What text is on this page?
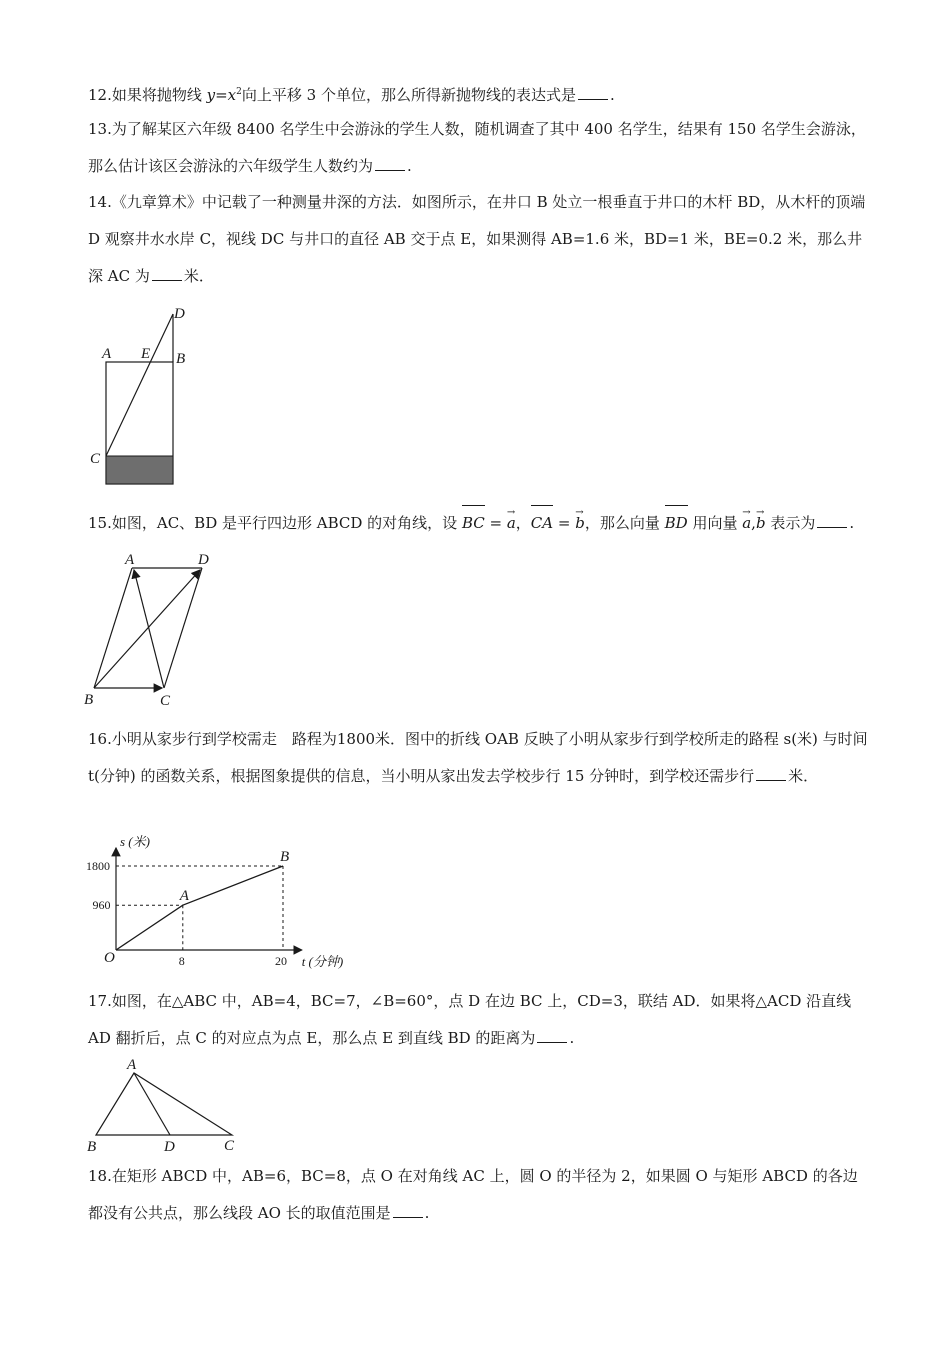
12.如果将抛物线 $y=x^2$向上平移 3 个单位，那么所得新抛物线的表达式是 .

13.为了解某区六年级 8400 名学生中会游泳的学生人数，随机调查了其中 400 名学生，结果有 150 名学生会游泳，那么估计该区会游泳的六年级学生人数约为 .

14.《九章算术》中记载了一种测量井深的方法．如图所示，在井口 B 处立一根垂直于井口的木杆 BD，从木杆的顶端 D 观察井水水岸 C，视线 DC 与井口的直径 AB 交于点 E，如果测得 AB=1.6 米，BD=1 米，BE=0.2 米，那么井深 AC 为 米．

A E B
D
C

15.如图，AC、BD 是平行四边形 ABCD 的对角线，设 BC = → a，CA = → b，那么向量 BD 用向量 → a,→ b 表示为 .

A	D
B	C

16.小明从家步行到学校需走　路程为1800米．图中的折线 OAB 反映了小明从家步行到学校所走的路程 s(米) 与时间 t(分钟) 的函数关系，根据图象提供的信息，当小明从家出发去学校步行 15 分钟时，到学校还需步行 米．

s (米)
t (分钟)
8	20
960
1800
O
A
B

17.如图，在△ABC 中，AB=4，BC=7，∠B=60°，点 D 在边 BC 上，CD=3，联结 AD．如果将△ACD 沿直线 AD 翻折后，点 C 的对应点为点 E，那么点 E 到直线 BD 的距离为 .

A
B	D	C

18.在矩形 ABCD 中，AB=6，BC=8，点 O 在对角线 AC 上，圆 O 的半径为 2，如果圆 O 与矩形 ABCD 的各边都没有公共点，那么线段 AO 长的取值范围是 .
